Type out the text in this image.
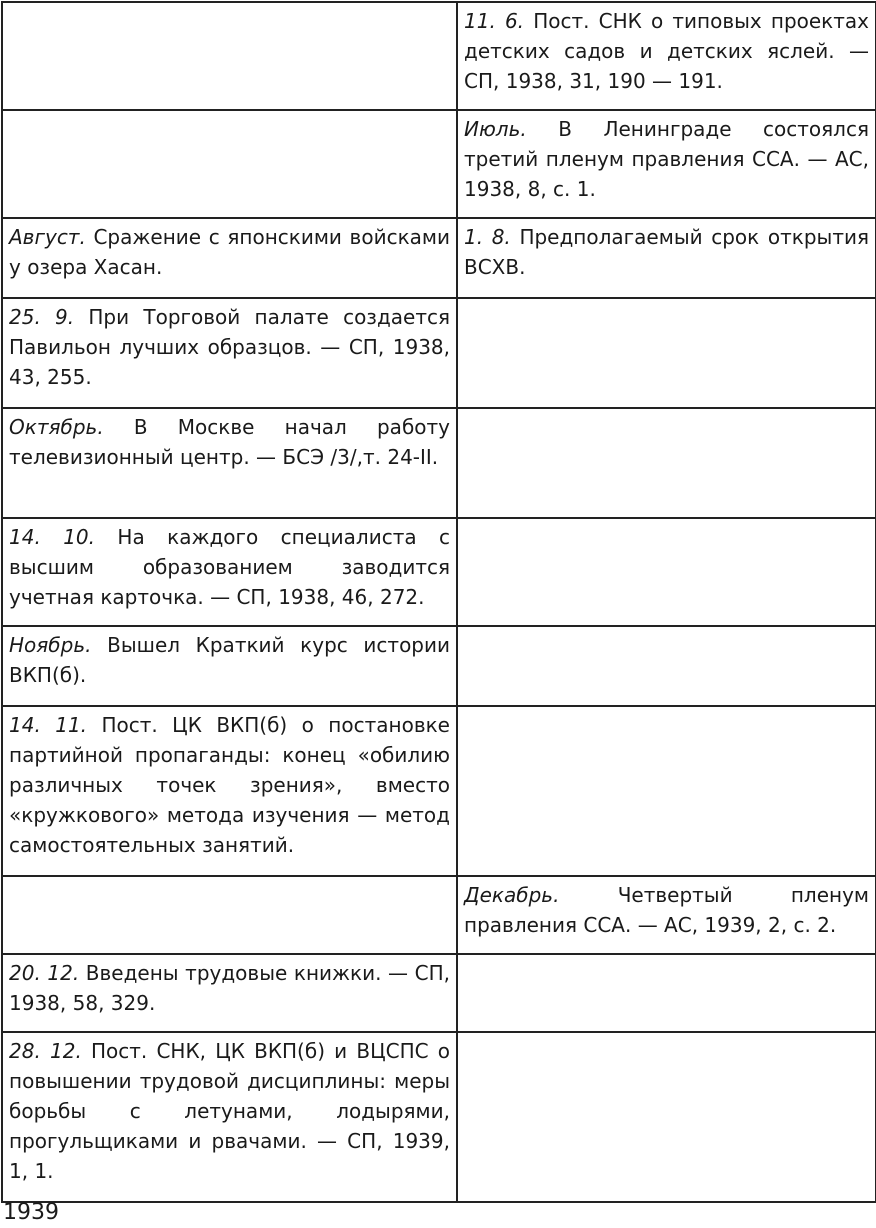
	11. 6. Пост. СНК о типовых проектах детских садов и детских яслей. — СП, 1938, 31, 190 — 191.
	Июль. В Ленинграде состоялся третий пленум правления ССА. — АС, 1938, 8, с. 1.
Август. Сражение с японскими войсками у озера Хасан.	1. 8. Предполагаемый срок открытия ВСХВ.
25. 9. При Торговой палате создается Павильон лучших образцов. — СП, 1938, 43, 255.	
Октябрь. В Москве начал работу телевизионный центр. — БСЭ /3/,т. 24-II.	
14. 10. На каждого специалиста с высшим образованием заводится учетная карточка. — СП, 1938, 46, 272.	
Ноябрь. Вышел Краткий курс истории ВКП(б).	
14. 11. Пост. ЦК ВКП(б) о постановке партийной пропаганды: конец «обилию различных точек зрения», вместо «кружкового» метода изучения — метод самостоятельных занятий.	
	Декабрь. Четвертый пленум правления ССА. — АС, 1939, 2, с. 2.
20. 12. Введены трудовые книжки. — СП, 1938, 58, 329.	
28. 12. Пост. СНК, ЦК ВКП(б) и ВЦСПС о повышении трудовой дисциплины: меры борьбы с летунами, лодырями, прогульщиками и рвачами. — СП, 1939, 1, 1.	
1939
